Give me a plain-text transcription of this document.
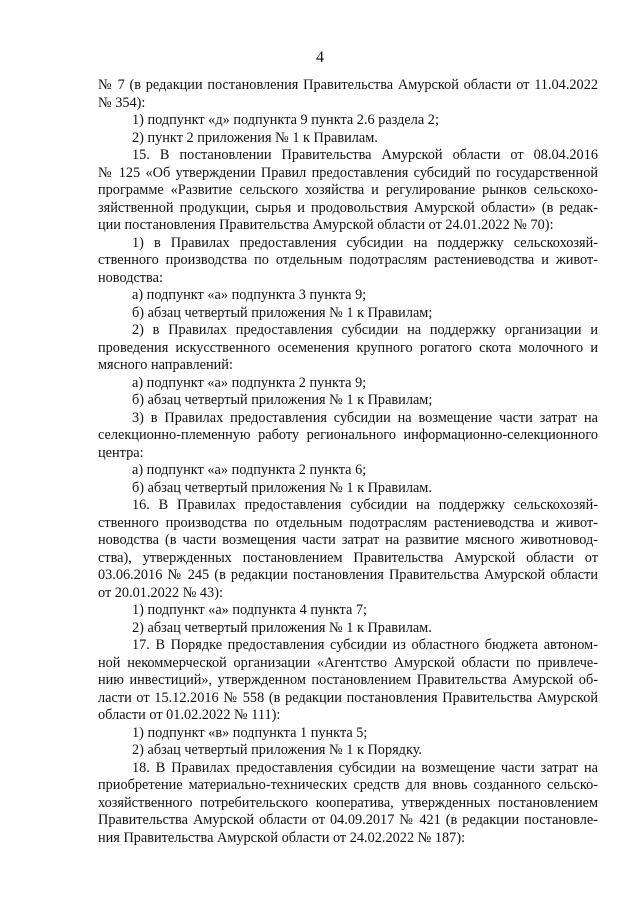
4
№ 7 (в редакции постановления Правительства Амурской области от 11.04.2022
№ 354):
1) подпункт «д» подпункта 9 пункта 2.6 раздела 2;
2) пункт 2 приложения № 1 к Правилам.
15. В постановлении Правительства Амурской области от 08.04.2016
№ 125 «Об утверждении Правил предоставления субсидий по государственной
программе «Развитие сельского хозяйства и регулирование рынков сельскохо-
зяйственной продукции, сырья и продовольствия Амурской области» (в редак-
ции постановления Правительства Амурской области от 24.01.2022 № 70):
1) в Правилах предоставления субсидии на поддержку сельскохозяй-
ственного производства по отдельным подотраслям растениеводства и живот-
новодства:
а) подпункт «а» подпункта 3 пункта 9;
б) абзац четвертый приложения № 1 к Правилам;
2) в Правилах предоставления субсидии на поддержку организации и
проведения искусственного осеменения крупного рогатого скота молочного и
мясного направлений:
а) подпункт «а» подпункта 2 пункта 9;
б) абзац четвертый приложения № 1 к Правилам;
3) в Правилах предоставления субсидии на возмещение части затрат на
селекционно-племенную работу регионального информационно-селекционного
центра:
а) подпункт «а» подпункта 2 пункта 6;
б) абзац четвертый приложения № 1 к Правилам.
16. В Правилах предоставления субсидии на поддержку сельскохозяй-
ственного производства по отдельным подотраслям растениеводства и живот-
новодства (в части возмещения части затрат на развитие мясного животновод-
ства), утвержденных постановлением Правительства Амурской области от
03.06.2016 № 245 (в редакции постановления Правительства Амурской области
от 20.01.2022 № 43):
1) подпункт «а» подпункта 4 пункта 7;
2) абзац четвертый приложения № 1 к Правилам.
17. В Порядке предоставления субсидии из областного бюджета автоном-
ной некоммерческой организации «Агентство Амурской области по привлече-
нию инвестиций», утвержденном постановлением Правительства Амурской об-
ласти от 15.12.2016 № 558 (в редакции постановления Правительства Амурской
области от 01.02.2022 № 111):
1) подпункт «в» подпункта 1 пункта 5;
2) абзац четвертый приложения № 1 к Порядку.
18. В Правилах предоставления субсидии на возмещение части затрат на
приобретение материально-технических средств для вновь созданного сельско-
хозяйственного потребительского кооператива, утвержденных постановлением
Правительства Амурской области от 04.09.2017 № 421 (в редакции постановле-
ния Правительства Амурской области от 24.02.2022 № 187):
